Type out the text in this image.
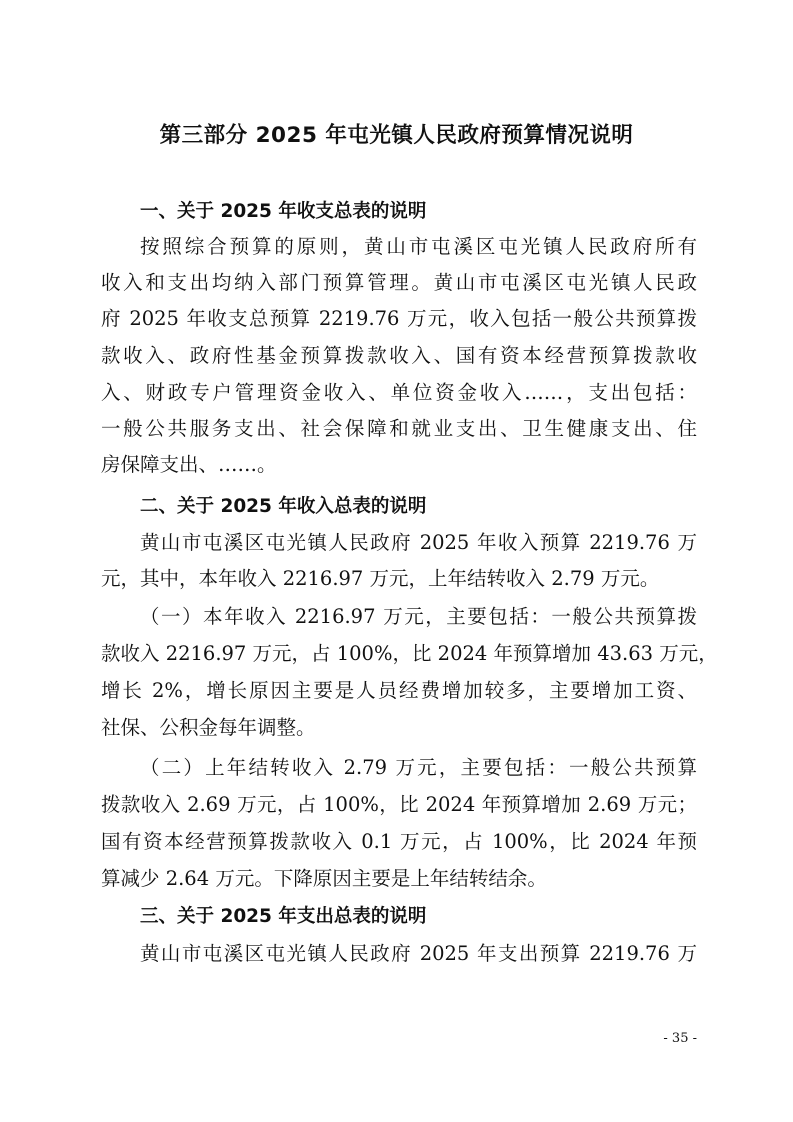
第三部分 2025 年屯光镇人民政府预算情况说明
一、关于 2025 年收支总表的说明
按照综合预算的原则，黄山市屯溪区屯光镇人民政府所有
收入和支出均纳入部门预算管理。黄山市屯溪区屯光镇人民政
府 2025 年收支总预算 2219.76 万元，收入包括一般公共预算拨
款收入、政府性基金预算拨款收入、国有资本经营预算拨款收
入、财政专户管理资金收入、单位资金收入……，支出包括：
一般公共服务支出、社会保障和就业支出、卫生健康支出、住
房保障支出、……。
二、关于 2025 年收入总表的说明
黄山市屯溪区屯光镇人民政府 2025 年收入预算 2219.76 万
元，其中，本年收入 2216.97 万元，上年结转收入 2.79 万元。
（一）本年收入 2216.97 万元，主要包括：一般公共预算拨
款收入 2216.97 万元，占 100%，比 2024 年预算增加 43.63 万元，
增长 2%，增长原因主要是人员经费增加较多，主要增加工资、
社保、公积金每年调整。
（二）上年结转收入 2.79 万元，主要包括：一般公共预算
拨款收入 2.69 万元，占 100%，比 2024 年预算增加 2.69 万元；
国有资本经营预算拨款收入 0.1 万元，占 100%，比 2024 年预
算减少 2.64 万元。下降原因主要是上年结转结余。
三、关于 2025 年支出总表的说明
黄山市屯溪区屯光镇人民政府 2025 年支出预算 2219.76 万
- 35 -
